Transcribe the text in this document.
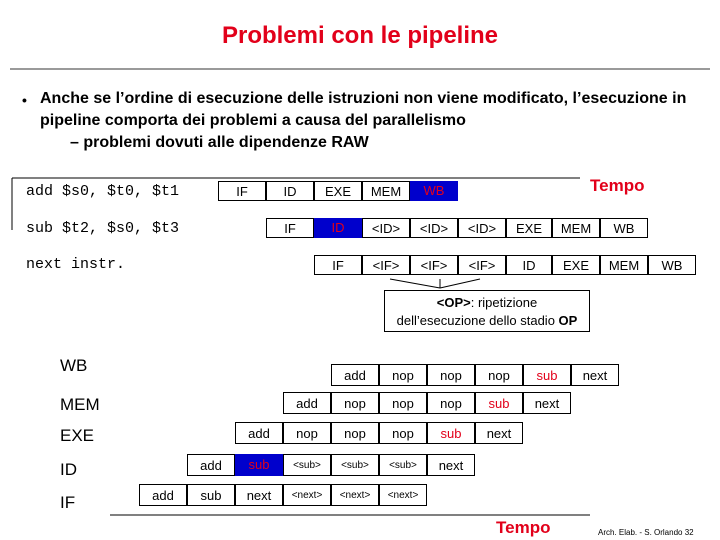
Problemi con le pipeline
• Anche se l’ordine di esecuzione delle istruzioni non viene modificato, l’esecuzione in pipeline comporta dei problemi a causa del parallelismo
– problemi dovuti alle dipendenze RAW
Tempo
add $s0, $t0, $t1
sub $t2, $s0, $t3
next instr.
IF	ID	EXE	MEM	WB
IF	ID	<ID>	<ID>	<ID>	EXE	MEM	WB
IF	<IF>	<IF>	<IF>	ID	EXE	MEM	WB
<OP>: ripetizione
dell’esecuzione dello stadio OP
WB
MEM
EXE
ID
IF
add	nop	nop	nop	sub	next
add	nop	nop	nop	sub	next
add	nop	nop	nop	sub	next
add	sub	<sub>	<sub>	<sub>	next
add	sub	next	<next>	<next>	<next>
Tempo	Arch. Elab. - S. Orlando 32
